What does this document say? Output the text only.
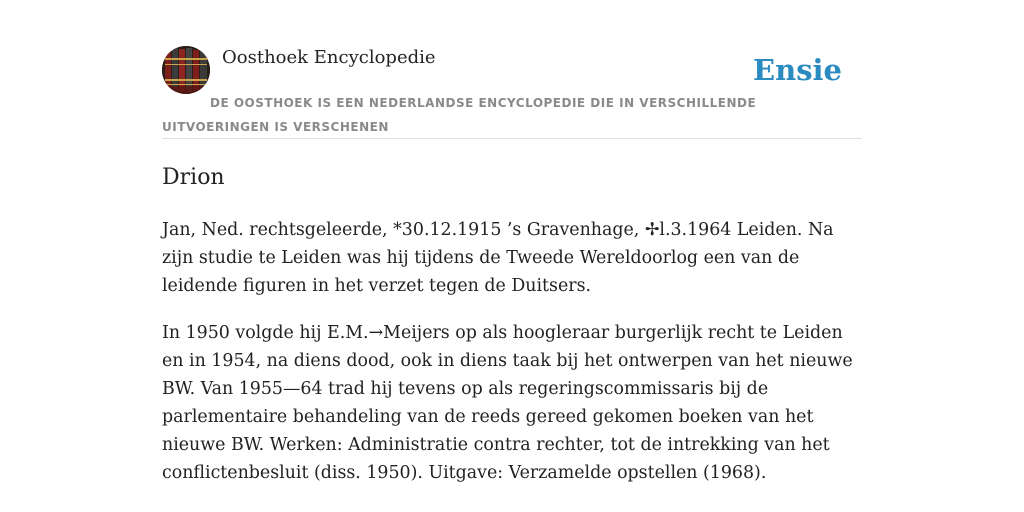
Oosthoek Encyclopedie	Ensie
DE OOSTHOEK IS EEN NEDERLANDSE ENCYCLOPEDIE DIE IN VERSCHILLENDE UITVOERINGEN IS VERSCHENEN
Drion

Jan, Ned. rechtsgeleerde, *30.12.1915 ’s Gravenhage, ✢l.3.1964 Leiden. Na zijn studie te Leiden was hij tijdens de Tweede Wereldoorlog een van de leidende figuren in het verzet tegen de Duitsers.

In 1950 volgde hij E.M.→Meijers op als hoogleraar burgerlijk recht te Leiden en in 1954, na diens dood, ook in diens taak bij het ontwerpen van het nieuwe BW. Van 1955—64 trad hij tevens op als regeringscommissaris bij de parlementaire behandeling van de reeds gereed gekomen boeken van het nieuwe BW. Werken: Administratie contra rechter, tot de intrekking van het conflictenbesluit (diss. 1950). Uitgave: Verzamelde opstellen (1968).
